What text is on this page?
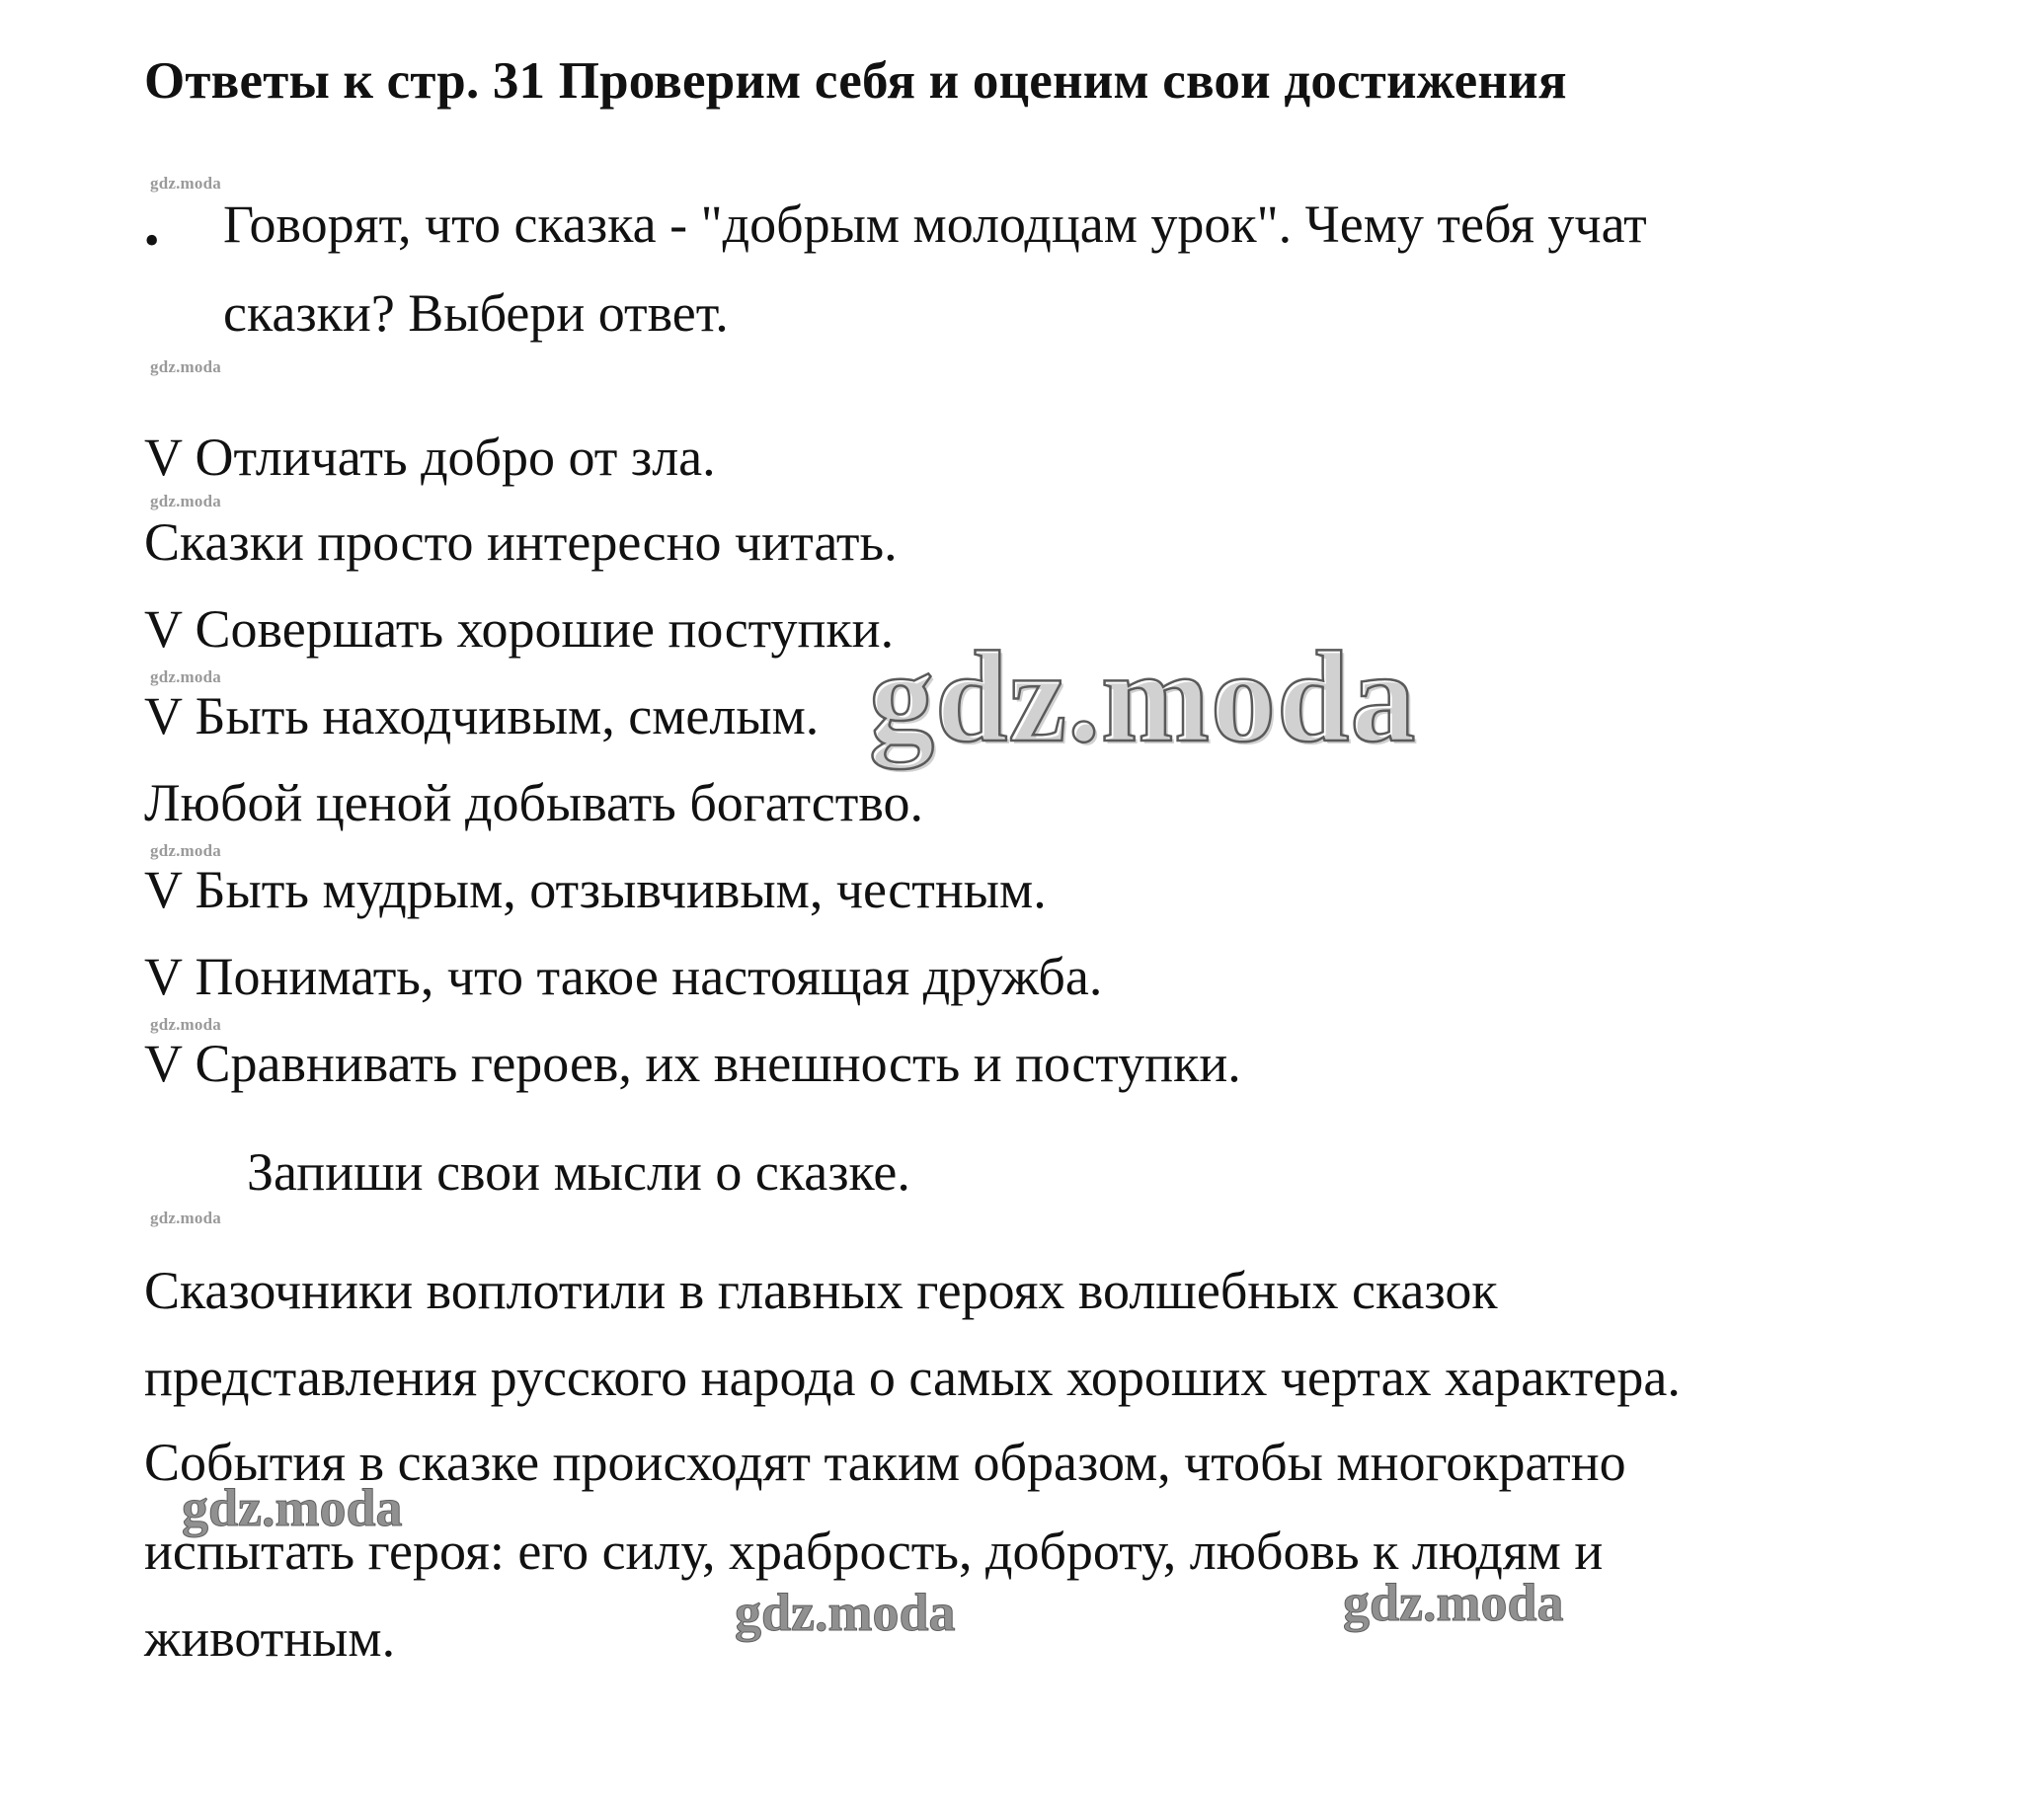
Ответы к стр. 31 Проверим себя и оценим свои достижения
gdz.moda
• Говорят, что сказка - "добрым молодцам урок". Чему тебя учат
сказки? Выбери ответ.
gdz.moda
V Отличать добро от зла.
gdz.moda
Сказки просто интересно читать.
V Совершать хорошие поступки.
gdz.moda
V Быть находчивым, смелым.
Любой ценой добывать богатство.
gdz.moda
V Быть мудрым, отзывчивым, честным.
V Понимать, что такое настоящая дружба.
gdz.moda
V Сравнивать героев, их внешность и поступки.
Запиши свои мысли о сказке.
gdz.moda
Сказочники воплотили в главных героях волшебных сказок
представления русского народа о самых хороших чертах характера.
События в сказке происходят таким образом, чтобы многократно
испытать героя: его силу, храбрость, доброту, любовь к людям и
животным.
gdz.moda
gdz.moda
gdz.moda	gdz.moda
